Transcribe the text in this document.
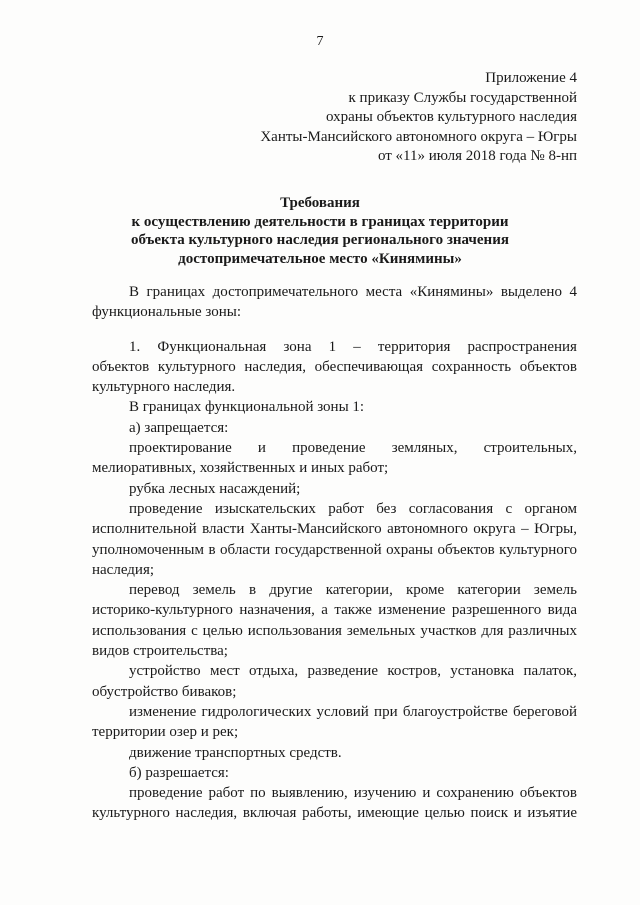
7
Приложение 4
к приказу Службы государственной
охраны объектов культурного наследия
Ханты-Мансийского автономного округа – Югры
от «11» июля 2018 года № 8-нп
Требования
к осуществлению деятельности в границах территории
объекта культурного наследия регионального значения
достопримечательное место «Кинямины»
В границах достопримечательного места «Кинямины» выделено 4
функциональные зоны:
1. Функциональная зона 1 – территория распространения
объектов культурного наследия, обеспечивающая сохранность объектов
культурного наследия.
В границах функциональной зоны 1:
а) запрещается:
проектирование и проведение земляных, строительных,
мелиоративных, хозяйственных и иных работ;
рубка лесных насаждений;
проведение изыскательских работ без согласования с органом
исполнительной власти Ханты-Мансийского автономного округа – Югры,
уполномоченным в области государственной охраны объектов культурного
наследия;
перевод земель в другие категории, кроме категории земель
историко-культурного назначения, а также изменение разрешенного вида
использования с целью использования земельных участков для различных
видов строительства;
устройство мест отдыха, разведение костров, установка палаток,
обустройство биваков;
изменение гидрологических условий при благоустройстве береговой
территории озер и рек;
движение транспортных средств.
б) разрешается:
проведение работ по выявлению, изучению и сохранению объектов
культурного наследия, включая работы, имеющие целью поиск и изъятие
